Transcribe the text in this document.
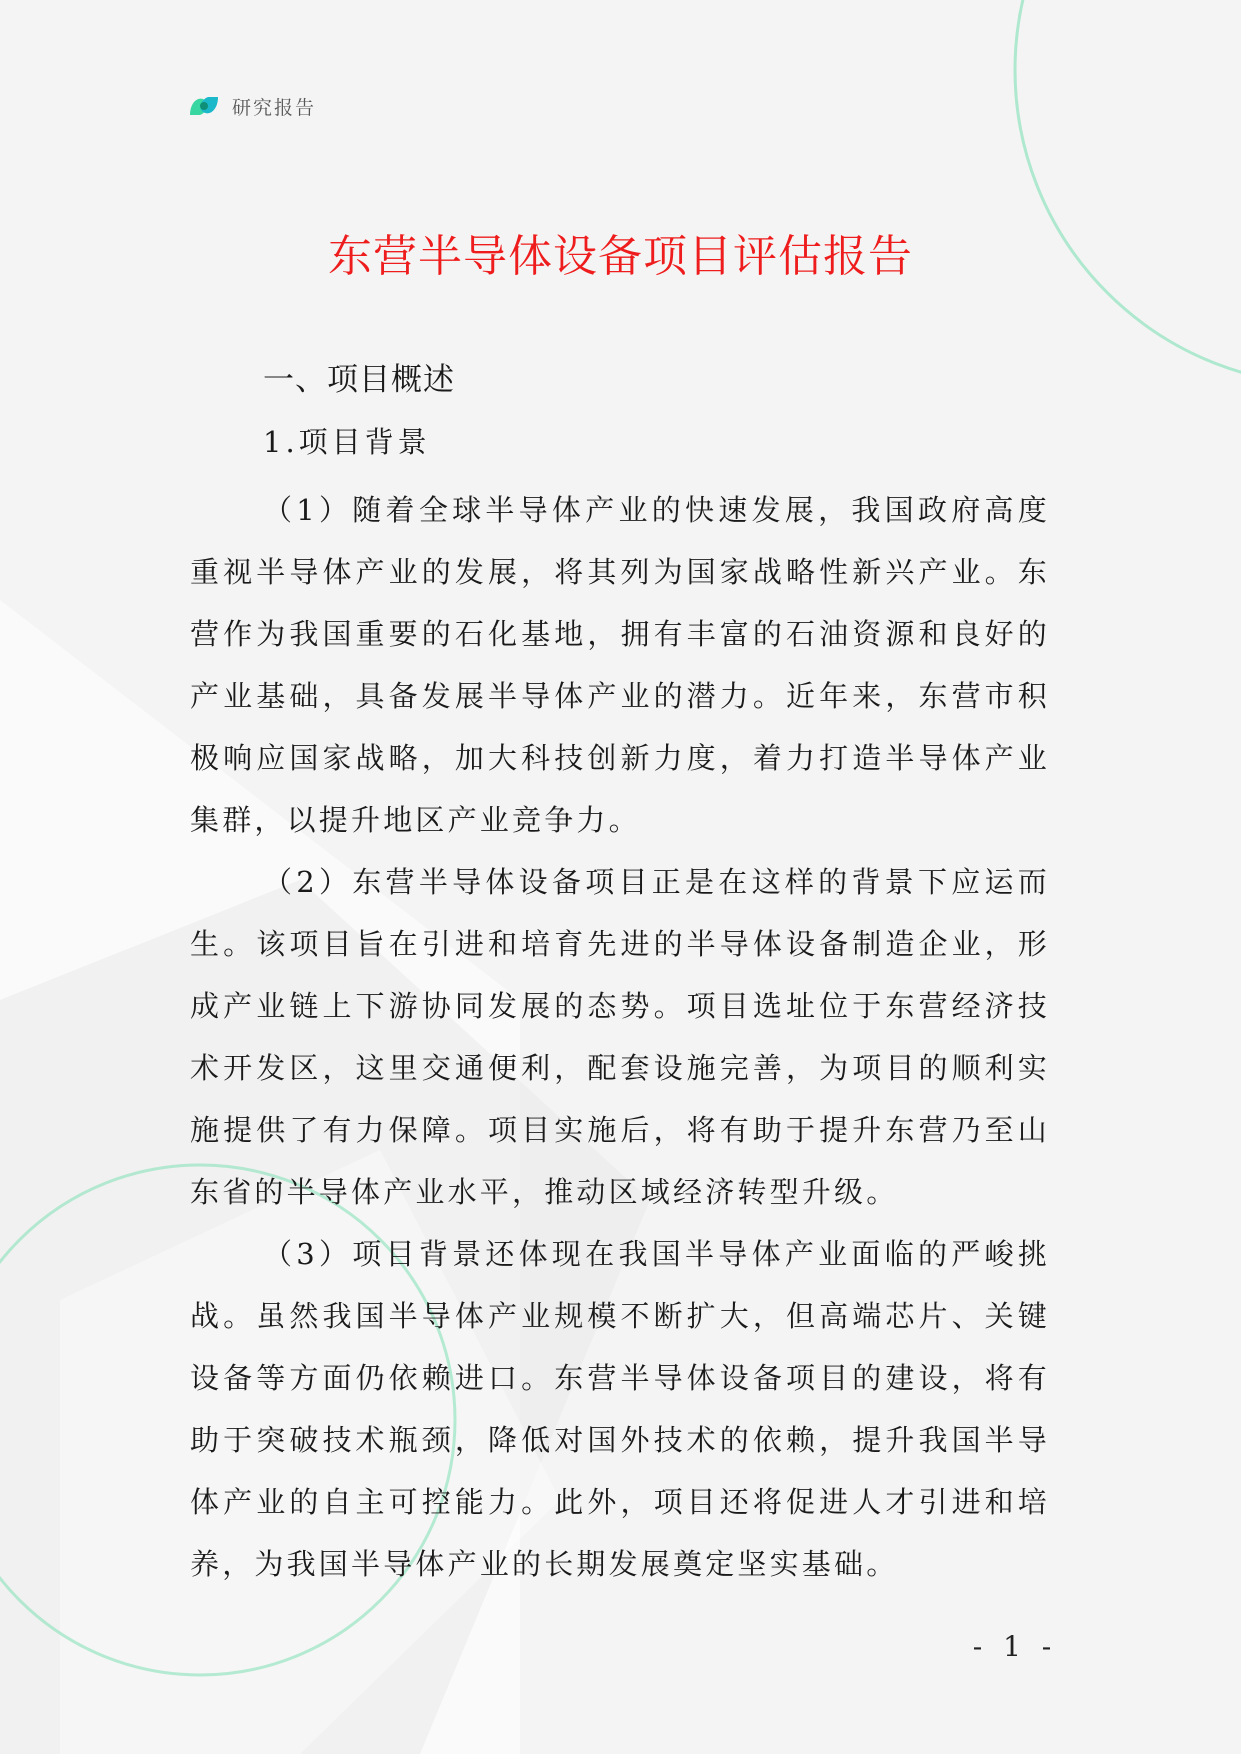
研究报告
东营半导体设备项目评估报告
一、项目概述
1.项目背景

（1）随着全球半导体产业的快速发展，我国政府高度重视半导体产业的发展，将其列为国家战略性新兴产业。东营作为我国重要的石化基地，拥有丰富的石油资源和良好的产业基础，具备发展半导体产业的潜力。近年来，东营市积极响应国家战略，加大科技创新力度，着力打造半导体产业集群，以提升地区产业竞争力。

（2）东营半导体设备项目正是在这样的背景下应运而生。该项目旨在引进和培育先进的半导体设备制造企业，形成产业链上下游协同发展的态势。项目选址位于东营经济技术开发区，这里交通便利，配套设施完善，为项目的顺利实施提供了有力保障。项目实施后，将有助于提升东营乃至山东省的半导体产业水平，推动区域经济转型升级。

（3）项目背景还体现在我国半导体产业面临的严峻挑战。虽然我国半导体产业规模不断扩大，但高端芯片、关键设备等方面仍依赖进口。东营半导体设备项目的建设，将有助于突破技术瓶颈，降低对国外技术的依赖，提升我国半导体产业的自主可控能力。此外，项目还将促进人才引进和培养，为我国半导体产业的长期发展奠定坚实基础。

- 1 -
